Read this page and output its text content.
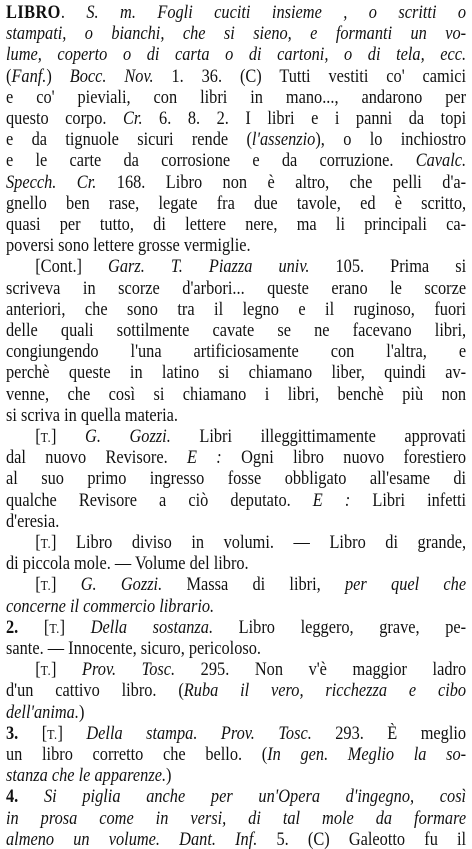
LIBRO. S. m. Fogli cuciti insieme , o scritti o
stampati, o bianchi, che si sieno, e formanti un vo-
lume, coperto o di carta o di cartoni, o di tela, ecc.
(Fanf.) Bocc. Nov. 1. 36. (C) Tutti vestiti co' camici
e co' pieviali, con libri in mano..., andarono per
questo corpo. Cr. 6. 8. 2. I libri e i panni da topi
e da tignuole sicuri rende (l'assenzio), o lo inchiostro
e le carte da corrosione e da corruzione. Cavalc.
Specch. Cr. 168. Libro non è altro, che pelli d'a-
gnello ben rase, legate fra due tavole, ed è scritto,
quasi per tutto, di lettere nere, ma li principali ca-
poversi sono lettere grosse vermiglie.
[Cont.] Garz. T. Piazza univ. 105. Prima si
scriveva in scorze d'arbori... queste erano le scorze
anteriori, che sono tra il legno e il ruginoso, fuori
delle quali sottilmente cavate se ne facevano libri,
congiungendo l'una artificiosamente con l'altra, e
perchè queste in latino si chiamano liber, quindi av-
venne, che così si chiamano i libri, benchè più non
si scriva in quella materia.
[T.] G. Gozzi. Libri illeggittimamente approvati
dal nuovo Revisore. E : Ogni libro nuovo forestiero
al suo primo ingresso fosse obbligato all'esame di
qualche Revisore a ciò deputato. E : Libri infetti
d'eresia.
[T.] Libro diviso in volumi. — Libro di grande,
di piccola mole. — Volume del libro.
[T.] G. Gozzi. Massa di libri, per quel che
concerne il commercio librario.
2. [T.] Della sostanza. Libro leggero, grave, pe-
sante. — Innocente, sicuro, pericoloso.
[T.] Prov. Tosc. 295. Non v'è maggior ladro
d'un cattivo libro. (Ruba il vero, ricchezza e cibo
dell'anima.)
3. [T.] Della stampa. Prov. Tosc. 293. È meglio
un libro corretto che bello. (In gen. Meglio la so-
stanza che le apparenze.)
4. Si piglia anche per un'Opera d'ingegno, così
in prosa come in versi, di tal mole da formare
almeno un volume. Dant. Inf. 5. (C) Galeotto fu il
